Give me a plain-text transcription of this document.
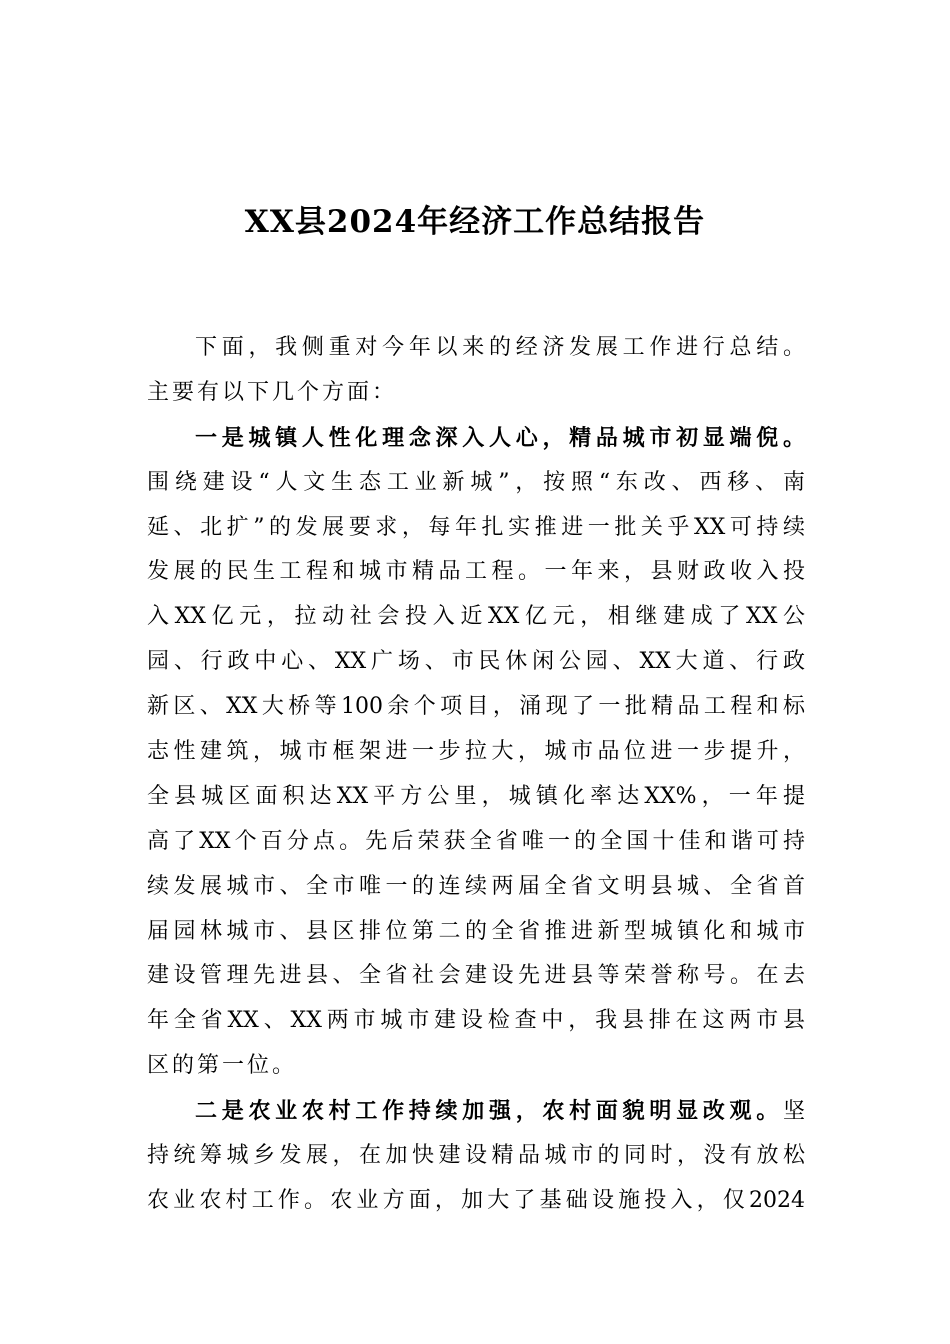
XX县2024年经济工作总结报告
下面，我侧重对今年以来的经济发展工作进行总结。
主要有以下几个方面：
一是城镇人性化理念深入人心，精品城市初显端倪。
围绕建设“人文生态工业新城”，按照“东改、西移、南
延、北扩”的发展要求，每年扎实推进一批关乎XX可持续
发展的民生工程和城市精品工程。一年来，县财政收入投
入XX亿元，拉动社会投入近XX亿元，相继建成了XX公
园、行政中心、XX广场、市民休闲公园、XX大道、行政
新区、XX大桥等100余个项目，涌现了一批精品工程和标
志性建筑，城市框架进一步拉大，城市品位进一步提升，
全县城区面积达XX平方公里，城镇化率达XX%，一年提
高了XX个百分点。先后荣获全省唯一的全国十佳和谐可持
续发展城市、全市唯一的连续两届全省文明县城、全省首
届园林城市、县区排位第二的全省推进新型城镇化和城市
建设管理先进县、全省社会建设先进县等荣誉称号。在去
年全省XX、XX两市城市建设检查中，我县排在这两市县
区的第一位。
二是农业农村工作持续加强，农村面貌明显改观。坚
持统筹城乡发展，在加快建设精品城市的同时，没有放松
农业农村工作。农业方面，加大了基础设施投入，仅2024
